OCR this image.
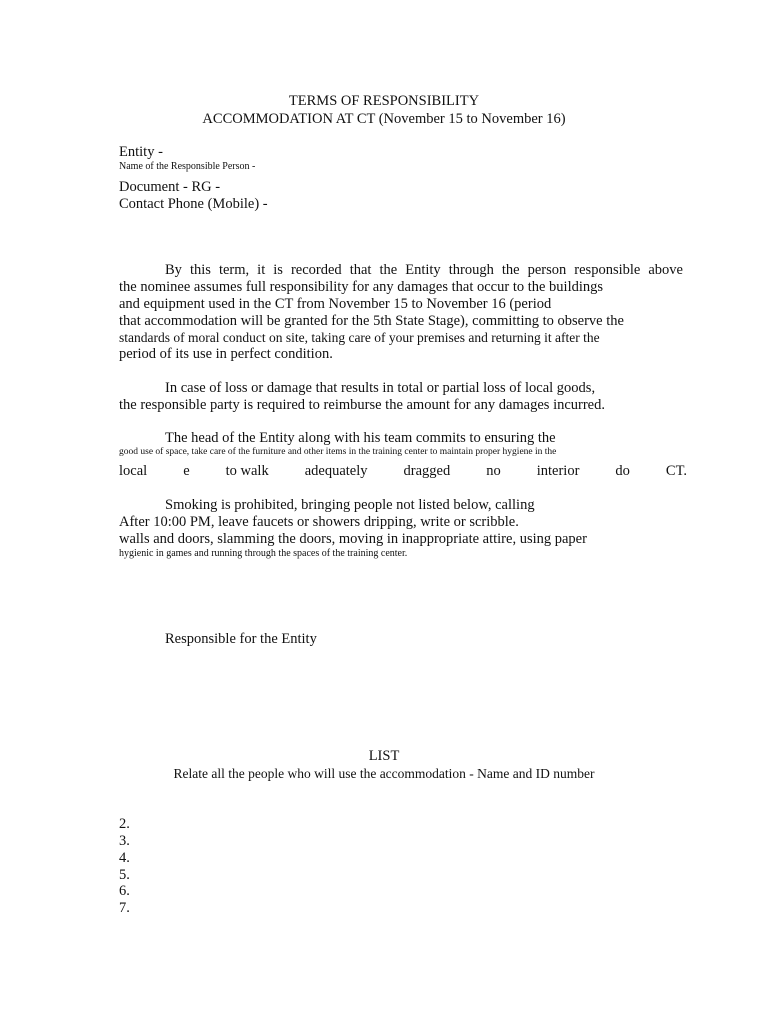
TERMS OF RESPONSIBILITY
ACCOMMODATION AT CT (November 15 to November 16)
Entity -
Name of the Responsible Person -
Document - RG -
Contact Phone (Mobile) -
By this term, it is recorded that the Entity through the person responsible above
the nominee assumes full responsibility for any damages that occur to the buildings
and equipment used in the CT from November 15 to November 16 (period
that accommodation will be granted for the 5th State Stage), committing to observe the
standards of moral conduct on site, taking care of your premises and returning it after the
period of its use in perfect condition.
In case of loss or damage that results in total or partial loss of local goods,
the responsible party is required to reimburse the amount for any damages incurred.
The head of the Entity along with his team commits to ensuring the
good use of space, take care of the furniture and other items in the training center to maintain proper hygiene in the
local e to walk adequately dragged no interior do CT.
Smoking is prohibited, bringing people not listed below, calling
After 10:00 PM, leave faucets or showers dripping, write or scribble.
walls and doors, slamming the doors, moving in inappropriate attire, using paper
hygienic in games and running through the spaces of the training center.
Responsible for the Entity
LIST
Relate all the people who will use the accommodation - Name and ID number
2.
3.
4.
5.
6.
7.
